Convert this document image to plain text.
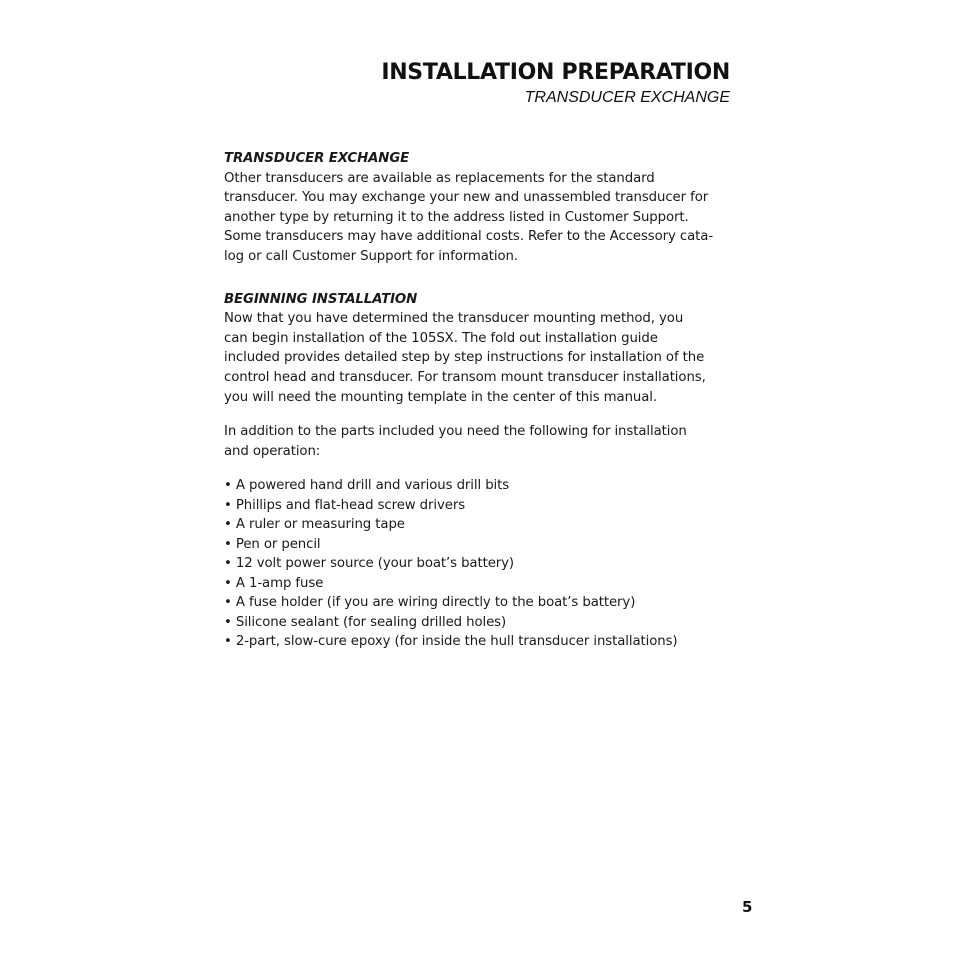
INSTALLATION PREPARATION

TRANSDUCER EXCHANGE

TRANSDUCER EXCHANGE

Other transducers are available as replacements for the standard
transducer. You may exchange your new and unassembled transducer for
another type by returning it to the address listed in Customer Support.
Some transducers may have additional costs. Refer to the Accessory cata-
log or call Customer Support for information.

BEGINNING INSTALLATION

Now that you have determined the transducer mounting method, you
can begin installation of the 105SX. The fold out installation guide
included provides detailed step by step instructions for installation of the
control head and transducer. For transom mount transducer installations,
you will need the mounting template in the center of this manual.

In addition to the parts included you need the following for installation
and operation:

• A powered hand drill and various drill bits
• Phillips and flat-head screw drivers
• A ruler or measuring tape
• Pen or pencil
• 12 volt power source (your boat’s battery)
• A 1-amp fuse
• A fuse holder (if you are wiring directly to the boat’s battery)
• Silicone sealant (for sealing drilled holes)
• 2-part, slow-cure epoxy (for inside the hull transducer installations)
5
